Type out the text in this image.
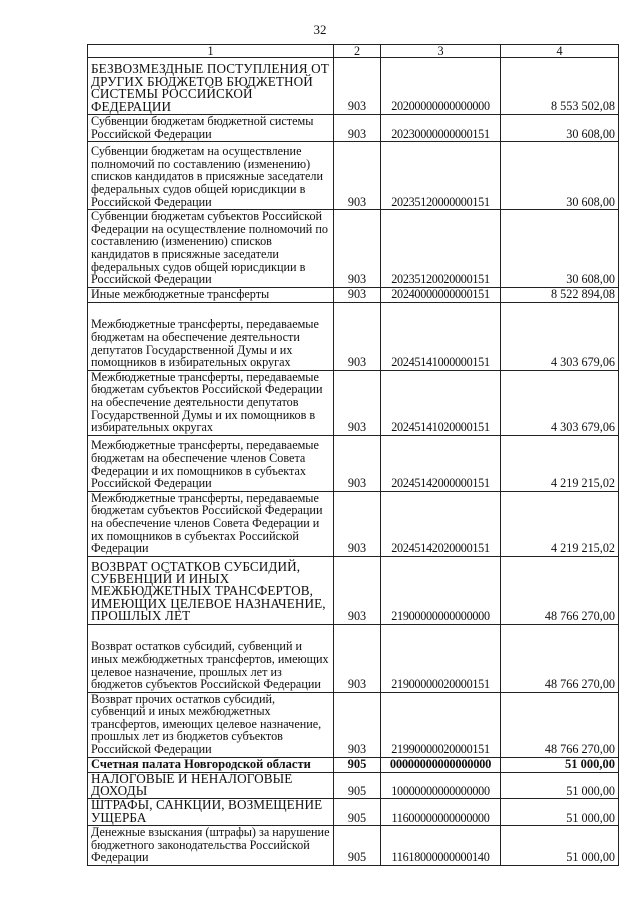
32
1	2	3	4
БЕЗВОЗМЕЗДНЫЕ ПОСТУПЛЕНИЯ ОТ ДРУГИХ БЮДЖЕТОВ БЮДЖЕТНОЙ СИСТЕМЫ РОССИЙСКОЙ ФЕДЕРАЦИИ	903	20200000000000000	8 553 502,08
Субвенции бюджетам бюджетной системы Российской Федерации	903	20230000000000151	30 608,00
Субвенции бюджетам на осуществление полномочий по составлению (изменению) списков кандидатов в присяжные заседатели федеральных судов общей юрисдикции в Российской Федерации	903	20235120000000151	30 608,00
Субвенции бюджетам субъектов Российской Федерации на осуществление полномочий по составлению (изменению) списков кандидатов в присяжные заседатели федеральных судов общей юрисдикции в Российской Федерации	903	20235120020000151	30 608,00
Иные межбюджетные трансферты	903	20240000000000151	8 522 894,08
Межбюджетные трансферты, передаваемые бюджетам на обеспечение деятельности депутатов Государственной Думы и их помощников в избирательных округах	903	20245141000000151	4 303 679,06
Межбюджетные трансферты, передаваемые бюджетам субъектов Российской Федерации на обеспечение деятельности депутатов Государственной Думы и их помощников в избирательных округах	903	20245141020000151	4 303 679,06
Межбюджетные трансферты, передаваемые бюджетам на обеспечение членов Совета Федерации и их помощников в субъектах Российской Федерации	903	20245142000000151	4 219 215,02
Межбюджетные трансферты, передаваемые бюджетам субъектов Российской Федерации на обеспечение членов Совета Федерации и их помощников в субъектах Российской Федерации	903	20245142020000151	4 219 215,02
ВОЗВРАТ ОСТАТКОВ СУБСИДИЙ, СУБВЕНЦИЙ И ИНЫХ МЕЖБЮДЖЕТНЫХ ТРАНСФЕРТОВ, ИМЕЮЩИХ ЦЕЛЕВОЕ НАЗНАЧЕНИЕ, ПРОШЛЫХ ЛЕТ	903	21900000000000000	48 766 270,00
Возврат остатков субсидий, субвенций и иных межбюджетных трансфертов, имеющих целевое назначение, прошлых лет из бюджетов субъектов Российской Федерации	903	21900000020000151	48 766 270,00
Возврат прочих остатков субсидий, субвенций и иных межбюджетных трансфертов, имеющих целевое назначение, прошлых лет из бюджетов субъектов Российской Федерации	903	21990000020000151	48 766 270,00
Счетная палата Новгородской области	905	00000000000000000	51 000,00
НАЛОГОВЫЕ И НЕНАЛОГОВЫЕ ДОХОДЫ	905	10000000000000000	51 000,00
ШТРАФЫ, САНКЦИИ, ВОЗМЕЩЕНИЕ УЩЕРБА	905	11600000000000000	51 000,00
Денежные взыскания (штрафы) за нарушение бюджетного законодательства Российской Федерации	905	11618000000000140	51 000,00
